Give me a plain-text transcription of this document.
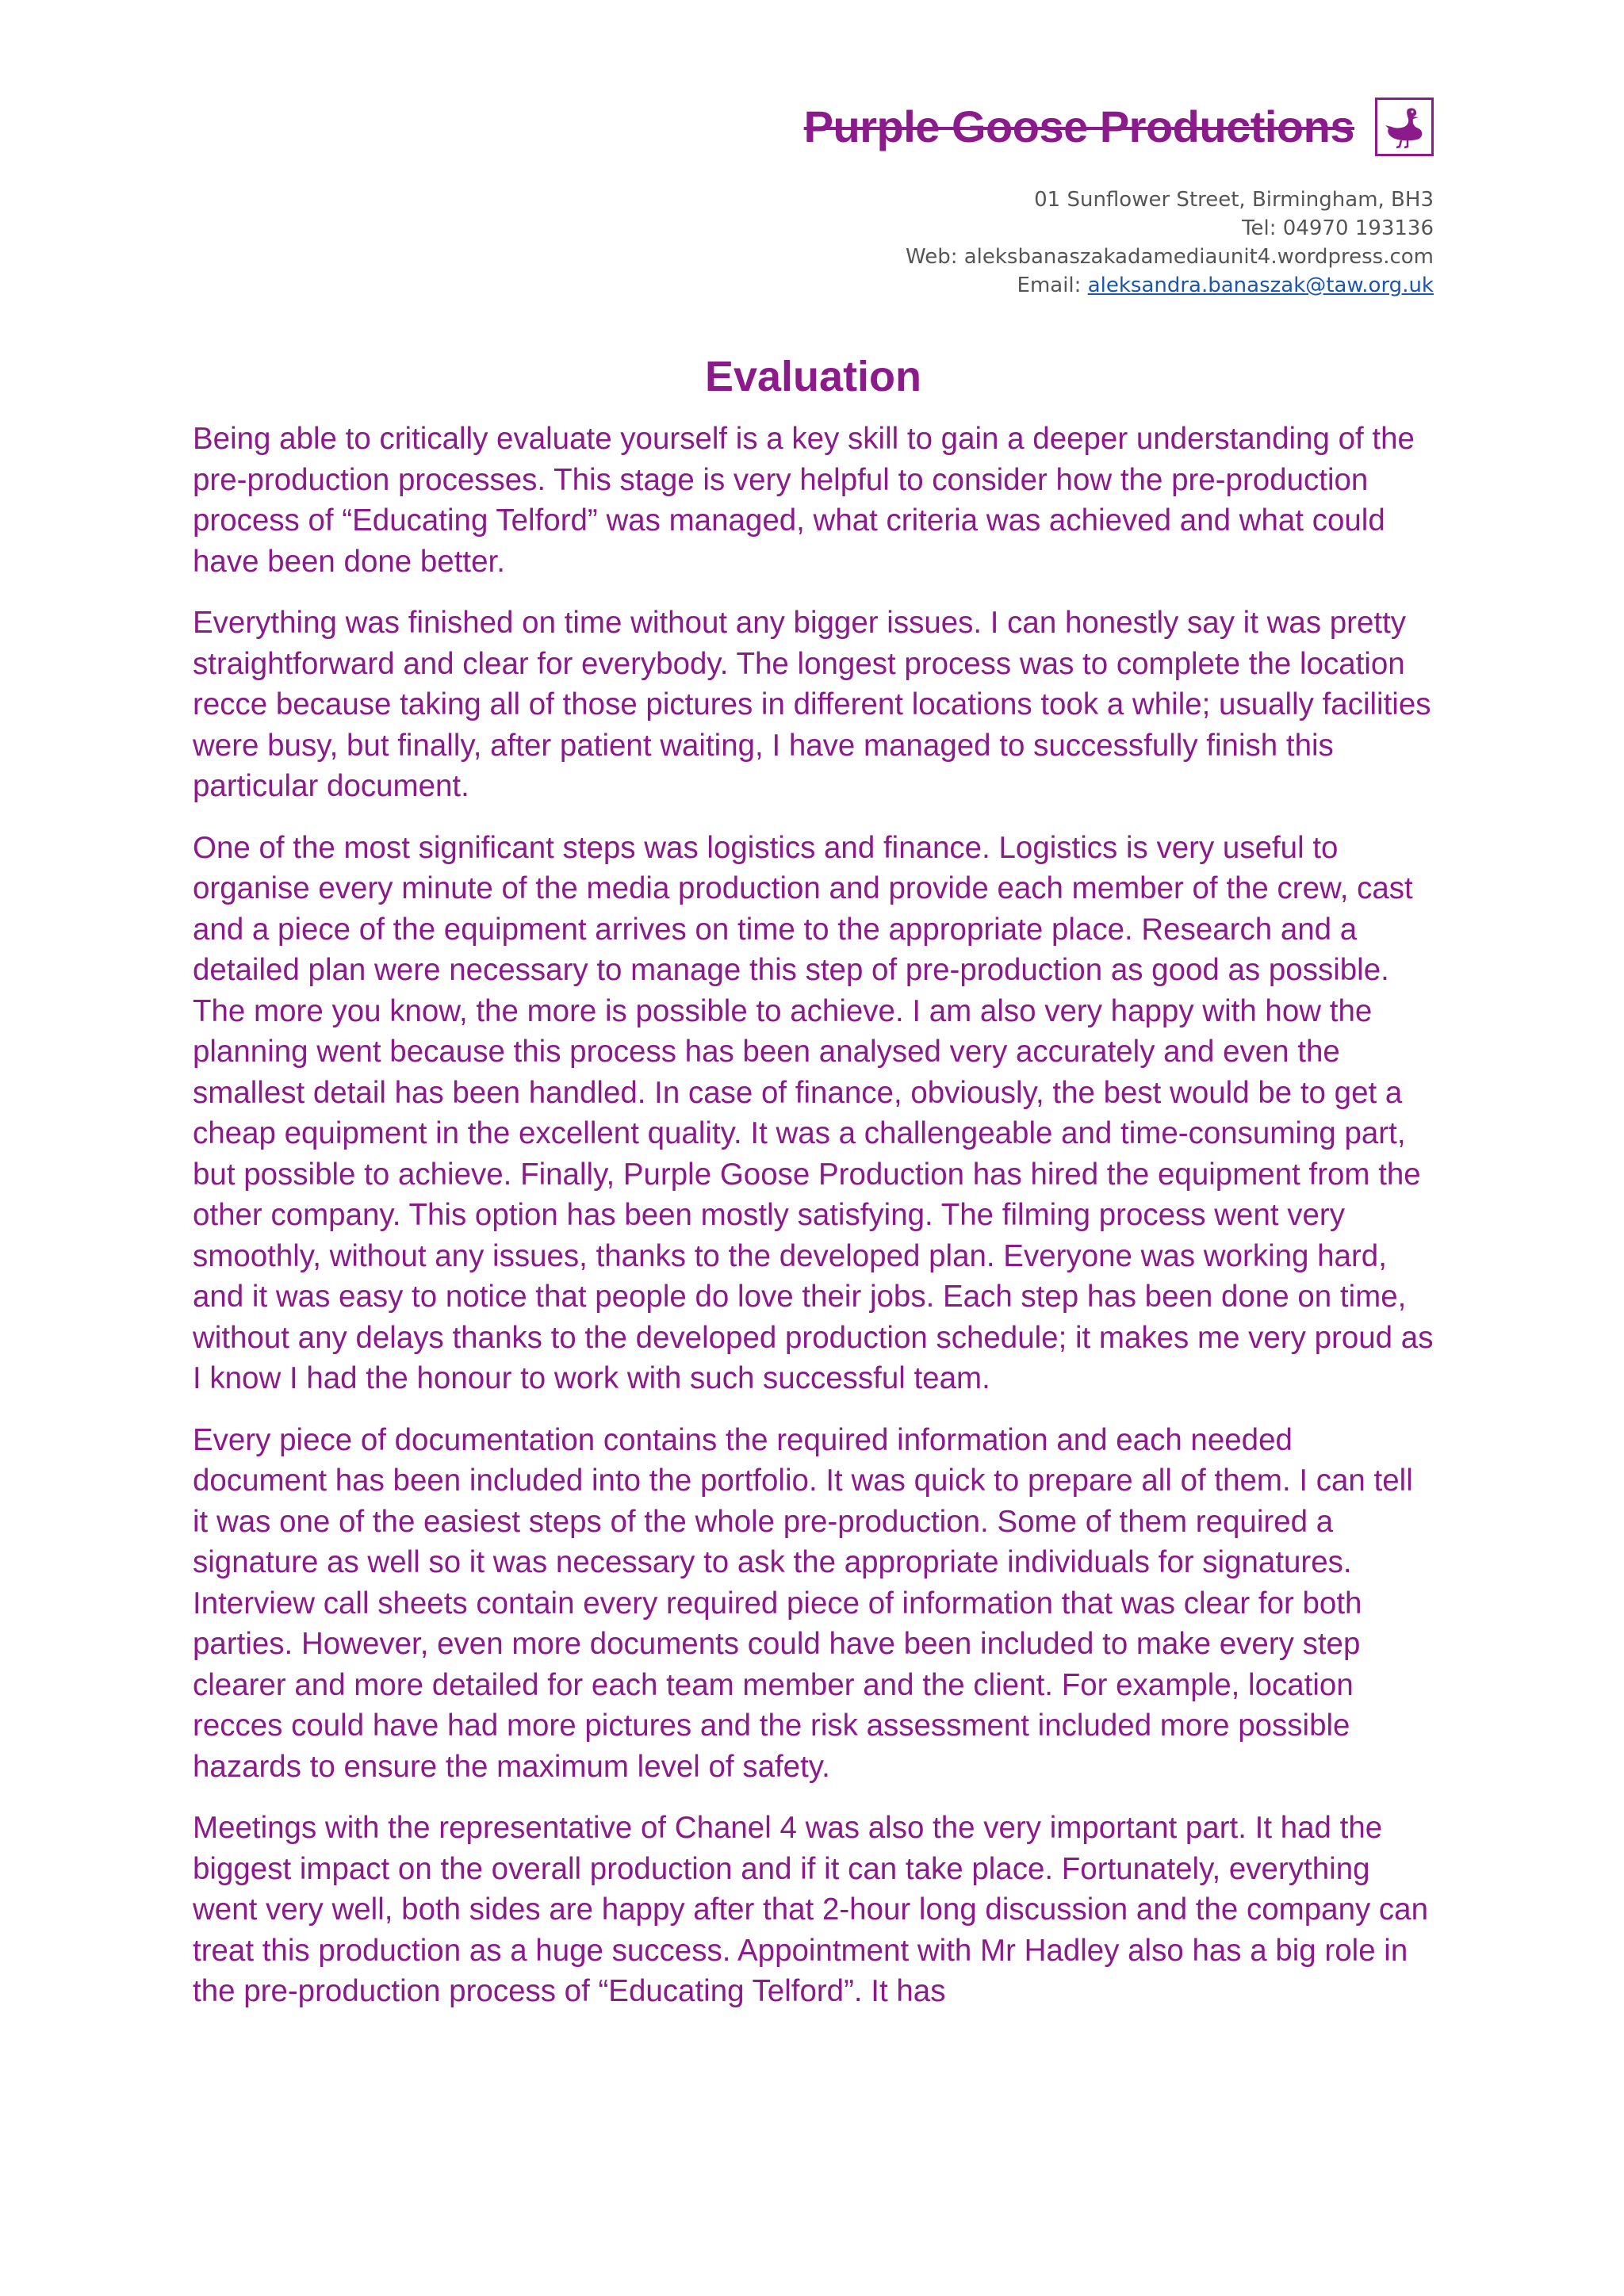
Purple Goose Productions
01 Sunflower Street, Birmingham, BH3
Tel: 04970 193136
Web: aleksbanaszakadamediaunit4.wordpress.com
Email: aleksandra.banaszak@taw.org.uk
Evaluation

Being able to critically evaluate yourself is a key skill to gain a deeper understanding of the pre-production processes. This stage is very helpful to consider how the pre-production process of “Educating Telford” was managed, what criteria was achieved and what could have been done better.

Everything was finished on time without any bigger issues. I can honestly say it was pretty straightforward and clear for everybody. The longest process was to complete the location recce because taking all of those pictures in different locations took a while; usually facilities were busy, but finally, after patient waiting, I have managed to successfully finish this particular document.

One of the most significant steps was logistics and finance. Logistics is very useful to organise every minute of the media production and provide each member of the crew, cast and a piece of the equipment arrives on time to the appropriate place. Research and a detailed plan were necessary to manage this step of pre-production as good as possible. The more you know, the more is possible to achieve. I am also very happy with how the planning went because this process has been analysed very accurately and even the smallest detail has been handled. In case of finance, obviously, the best would be to get a cheap equipment in the excellent quality. It was a challengeable and time-consuming part, but possible to achieve. Finally, Purple Goose Production has hired the equipment from the other company. This option has been mostly satisfying. The filming process went very smoothly, without any issues, thanks to the developed plan. Everyone was working hard, and it was easy to notice that people do love their jobs. Each step has been done on time, without any delays thanks to the developed production schedule; it makes me very proud as I know I had the honour to work with such successful team.

Every piece of documentation contains the required information and each needed document has been included into the portfolio. It was quick to prepare all of them. I can tell it was one of the easiest steps of the whole pre-production. Some of them required a signature as well so it was necessary to ask the appropriate individuals for signatures. Interview call sheets contain every required piece of information that was clear for both parties. However, even more documents could have been included to make every step clearer and more detailed for each team member and the client. For example, location recces could have had more pictures and the risk assessment included more possible hazards to ensure the maximum level of safety.

Meetings with the representative of Chanel 4 was also the very important part. It had the biggest impact on the overall production and if it can take place. Fortunately, everything went very well, both sides are happy after that 2-hour long discussion and the company can treat this production as a huge success. Appointment with Mr Hadley also has a big role in the pre-production process of “Educating Telford”. It has
